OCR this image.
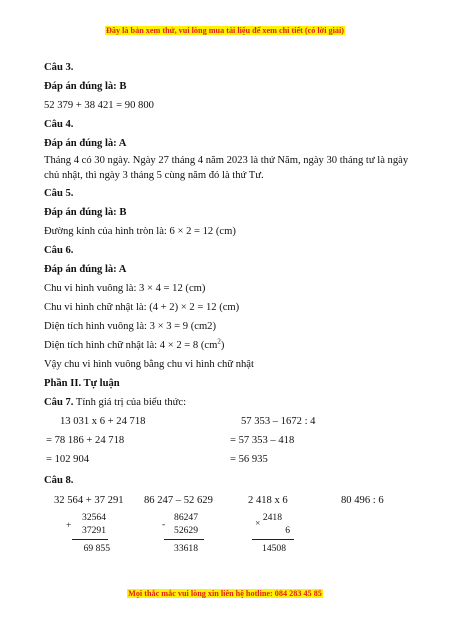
Đây là bản xem thử, vui lòng mua tài liệu để xem chi tiết (có lời giải)
Câu 3.
Đáp án đúng là: B
52 379 + 38 421 = 90 800
Câu 4.
Đáp án đúng là: A
Tháng 4 có 30 ngày. Ngày 27 tháng 4 năm 2023 là thứ Năm, ngày 30 tháng tư là ngày chủ nhật, thì ngày 3 tháng 5 cùng năm đó là thứ Tư.
Câu 5.
Đáp án đúng là: B
Đường kính của hình tròn là: 6 × 2 = 12 (cm)
Câu 6.
Đáp án đúng là: A
Chu vi hình vuông là: 3 × 4 = 12 (cm)
Chu vi hình chữ nhật là: (4 + 2) × 2 = 12 (cm)
Diện tích hình vuông là: 3 × 3 = 9 (cm2)
Diện tích hình chữ nhật là: 4 × 2 = 8 $(cm^2)$
Vậy chu vi hình vuông bằng chu vi hình chữ nhật
Phần II. Tự luận
Câu 7. Tính giá trị của biểu thức:
13 031 x 6 + 24 718
= 78 186 + 24 718
= 102 904
57 353 – 1672 : 4
= 57 353 – 418
= 56 935
Câu 8.
32 564 + 37 291 86 247 – 52 629	2 418 x 6	80 496 : 6
+
32564
37291
69 855
-
86247
52629
33618
×
2418
6
14508
Mọi thắc mắc vui lòng xin liên hệ hotline: 084 283 45 85
